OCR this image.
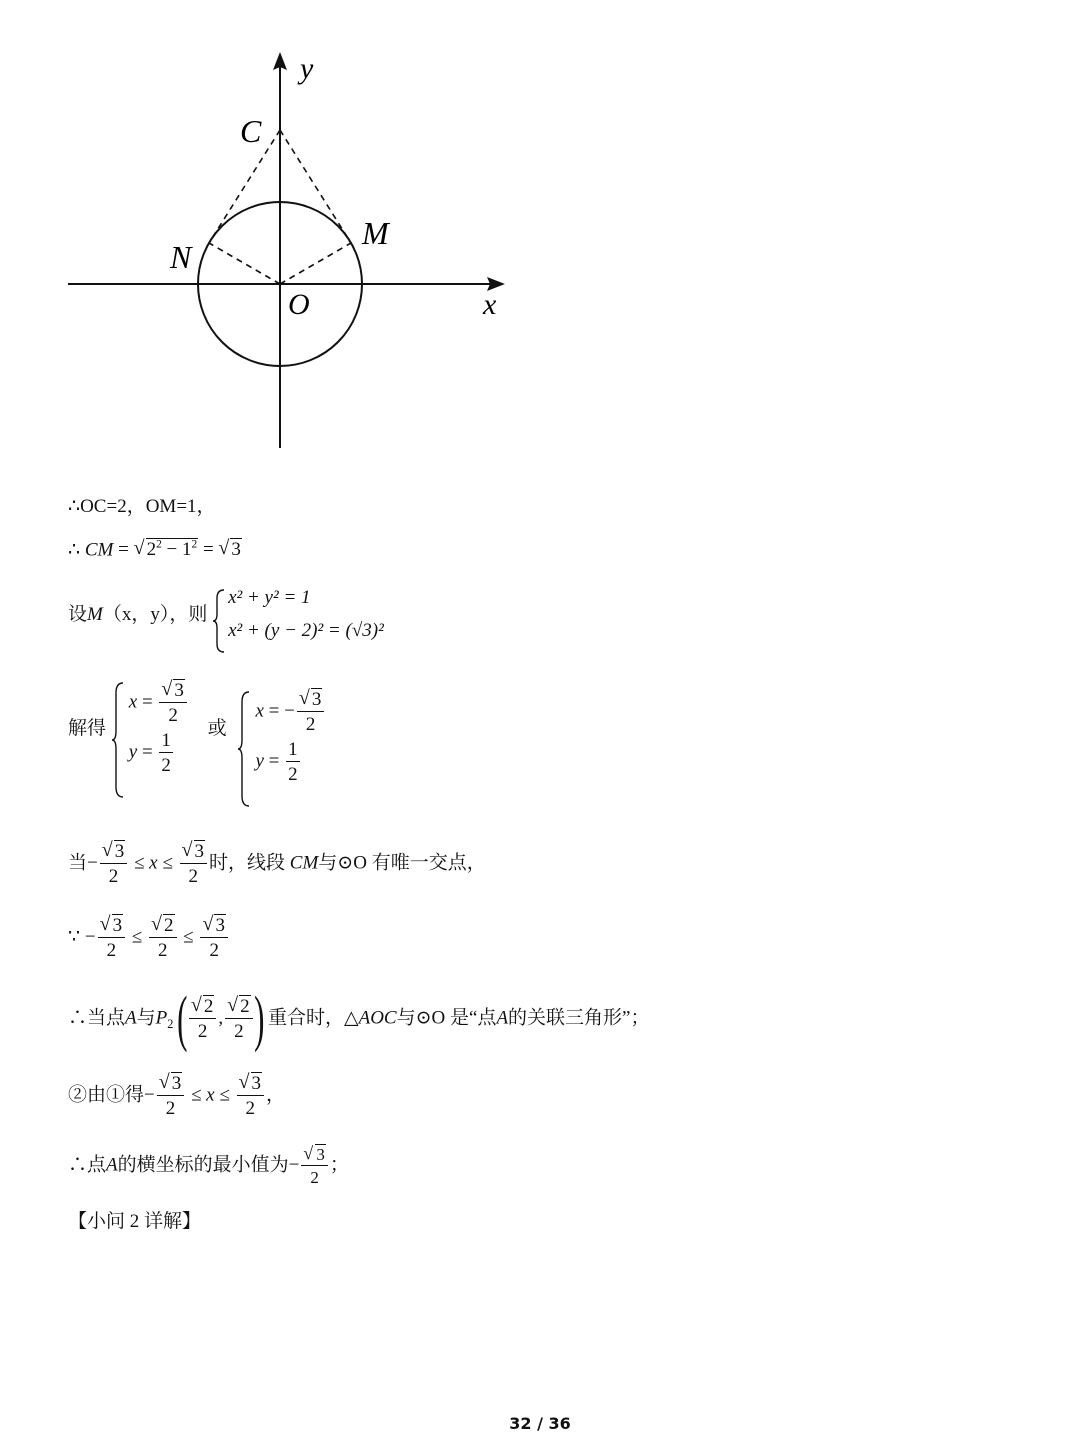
y
x
C
M
N
O
∴OC=2，OM=1，
∴ CM = √ $2^2 - 1^2$ = √ 3
设M（x，y），则
x² + y² = 1
x² + (y − 2)² = (√3)²
解得
$x = \frac{√ 3}{2}$
$y = \frac{1}{2}$
或
x = − $\frac{√ 3}{2}$
$y = \frac{1}{2}$
当− $\frac{√ 3}{2} \le x \le \frac{√ 3}{2}$ 时，线段 CM与⊙O 有唯一交点，
∵ − $\frac{√ 3}{2} \le \frac{√ 2}{2} \le \frac{√ 3}{2}$
∴当点A与$P_2$ ( $\frac{√ 2}{2}$ , $\frac{√ 2}{2}$ ) 重合时，△AOC与⊙O 是“点A的关联三角形”；
②由①得− $\frac{√ 3}{2} \le x \le \frac{√ 3}{2}$ ，
∴点A的横坐标的最小值为− $\frac{√ 3}{2}$ ；
【小问 2 详解】
32 / 36
